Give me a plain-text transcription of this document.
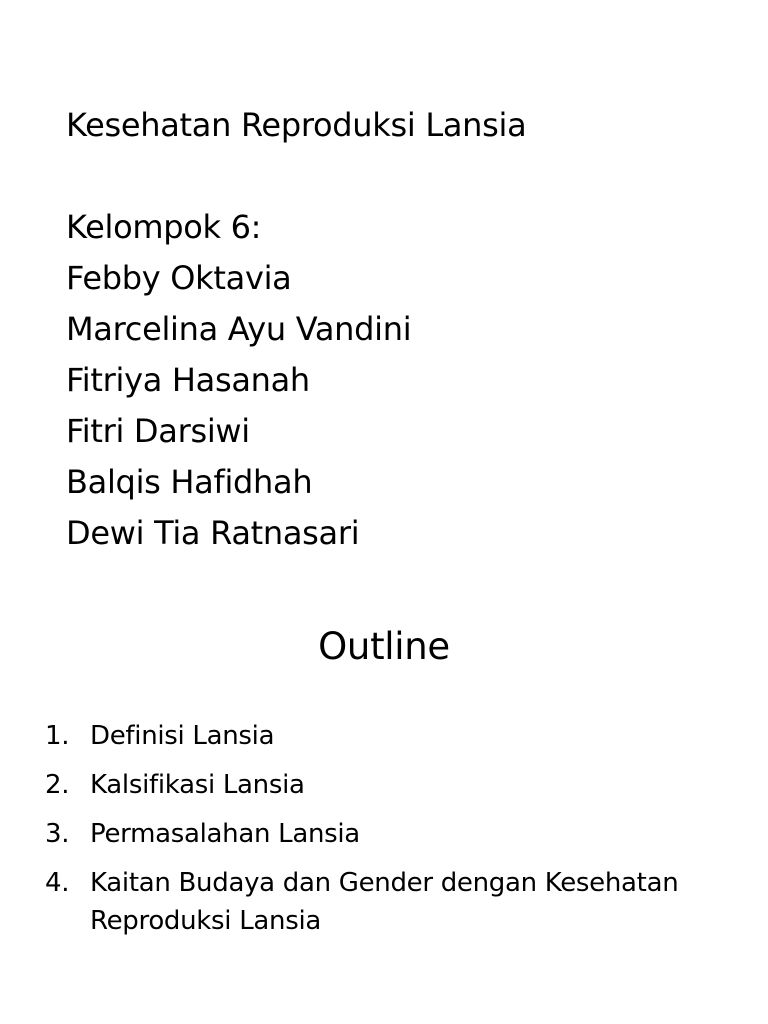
Kesehatan Reproduksi Lansia
Kelompok 6:
Febby Oktavia
Marcelina Ayu Vandini
Fitriya Hasanah
Fitri Darsiwi
Balqis Hafidhah
Dewi Tia Ratnasari
Outline
1. Definisi Lansia
2. Kalsifikasi Lansia
3. Permasalahan Lansia
4. Kaitan Budaya dan Gender dengan Kesehatan Reproduksi Lansia
